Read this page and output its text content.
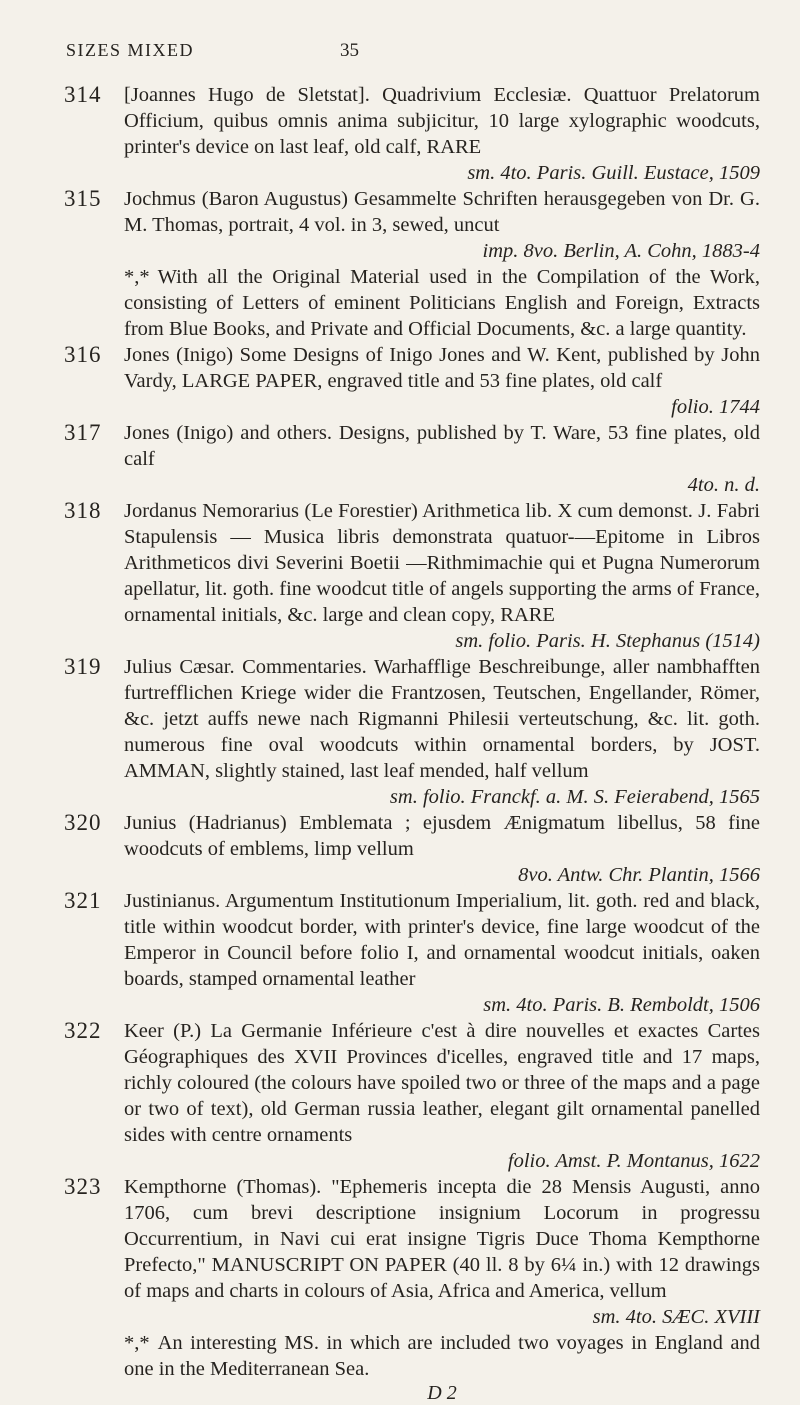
SIZES MIXED	35
314 [Joannes Hugo de Sletstat]. Quadrivium Ecclesiæ. Quattuor Prelatorum Officium, quibus omnis anima subjicitur, 10 large xylographic woodcuts, printer's device on last leaf, old calf, RARE
sm. 4to. Paris. Guill. Eustace, 1509
315 Jochmus (Baron Augustus) Gesammelte Schriften herausgegeben von Dr. G. M. Thomas, portrait, 4 vol. in 3, sewed, uncut
imp. 8vo. Berlin, A. Cohn, 1883-4
*,* With all the Original Material used in the Compilation of the Work, consisting of Letters of eminent Politicians English and Foreign, Extracts from Blue Books, and Private and Official Documents, &c. a large quantity.
316 Jones (Inigo) Some Designs of Inigo Jones and W. Kent, published by John Vardy, LARGE PAPER, engraved title and 53 fine plates, old calf
folio. 1744
317 Jones (Inigo) and others. Designs, published by T. Ware, 53 fine plates, old calf
4to. n. d.
318 Jordanus Nemorarius (Le Forestier) Arithmetica lib. X cum demonst. J. Fabri Stapulensis — Musica libris demonstrata quatuor-—Epitome in Libros Arithmeticos divi Severini Boetii —Rithmimachie qui et Pugna Numerorum apellatur, lit. goth. fine woodcut title of angels supporting the arms of France, ornamental initials, &c. large and clean copy, RARE
sm. folio. Paris. H. Stephanus (1514)
319 Julius Cæsar. Commentaries. Warhafflige Beschreibunge, aller nambhafften furtrefflichen Kriege wider die Frantzosen, Teutschen, Engellander, Römer, &c. jetzt auffs newe nach Rigmanni Philesii verteutschung, &c. lit. goth. numerous fine oval woodcuts within ornamental borders, by JOST. AMMAN, slightly stained, last leaf mended, half vellum
sm. folio. Franckf. a. M. S. Feierabend, 1565
320 Junius (Hadrianus) Emblemata ; ejusdem Ænigmatum libellus, 58 fine woodcuts of emblems, limp vellum
8vo. Antw. Chr. Plantin, 1566
321 Justinianus. Argumentum Institutionum Imperialium, lit. goth. red and black, title within woodcut border, with printer's device, fine large woodcut of the Emperor in Council before folio I, and ornamental woodcut initials, oaken boards, stamped ornamental leather
sm. 4to. Paris. B. Remboldt, 1506
322 Keer (P.) La Germanie Inférieure c'est à dire nouvelles et exactes Cartes Géographiques des XVII Provinces d'icelles, engraved title and 17 maps, richly coloured (the colours have spoiled two or three of the maps and a page or two of text), old German russia leather, elegant gilt ornamental panelled sides with centre ornaments
folio. Amst. P. Montanus, 1622
323 Kempthorne (Thomas). "Ephemeris incepta die 28 Mensis Augusti, anno 1706, cum brevi descriptione insignium Locorum in progressu Occurrentium, in Navi cui erat insigne Tigris Duce Thoma Kempthorne Prefecto," MANUSCRIPT ON PAPER (40 ll. 8 by 6¼ in.) with 12 drawings of maps and charts in colours of Asia, Africa and America, vellum
sm. 4to. SÆC. XVIII
*,* An interesting MS. in which are included two voyages in England and one in the Mediterranean Sea.
D 2
